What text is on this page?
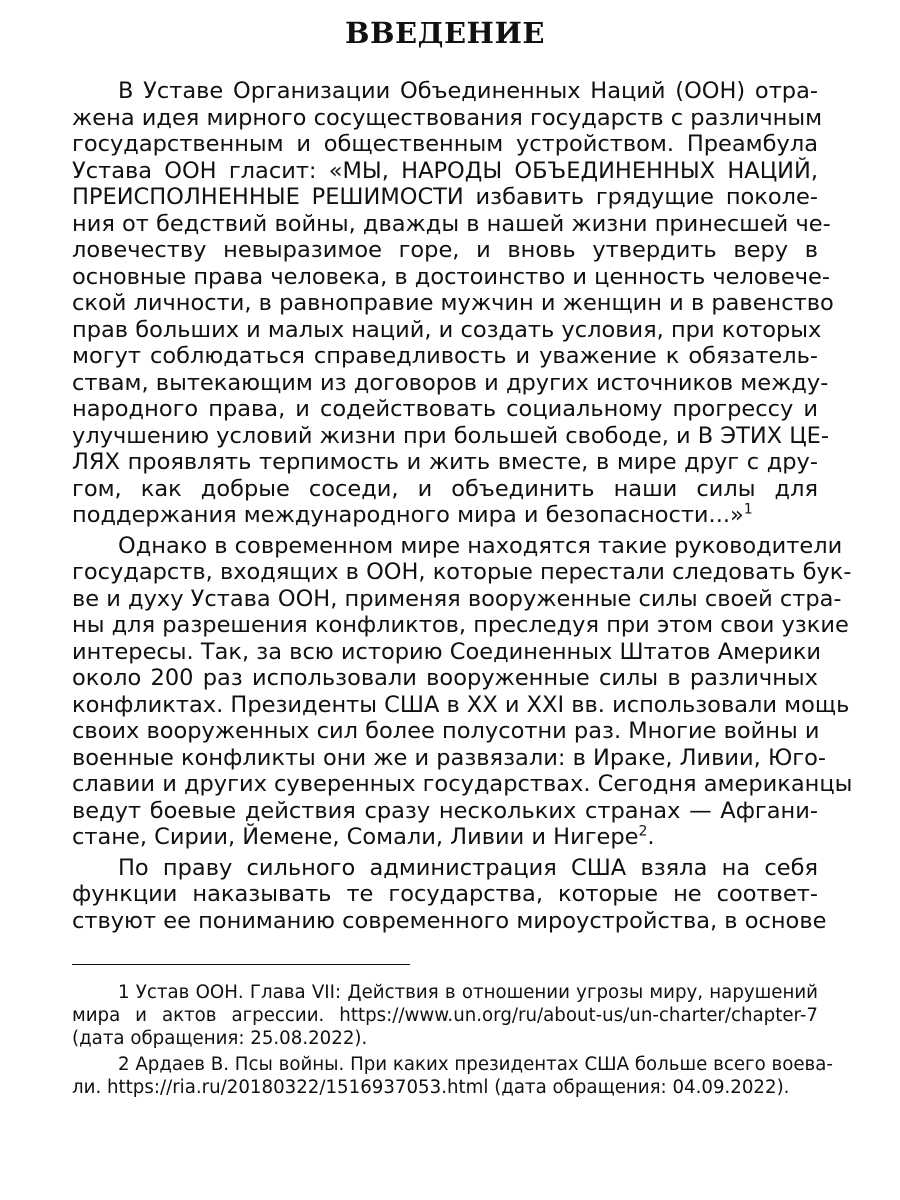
ВВЕДЕНИЕ

В Уставе Организации Объединенных Наций (ООН) отра-
жена идея мирного сосуществования государств с различным
государственным и общественным устройством. Преамбула
Устава ООН гласит: «МЫ, НАРОДЫ ОБЪЕДИНЕННЫХ НАЦИЙ,
ПРЕИСПОЛНЕННЫЕ РЕШИМОСТИ избавить грядущие поколе-
ния от бедствий войны, дважды в нашей жизни принесшей че-
ловечеству невыразимое горе, и вновь утвердить веру в
основные права человека, в достоинство и ценность человече-
ской личности, в равноправие мужчин и женщин и в равенство
прав больших и малых наций, и создать условия, при которых
могут соблюдаться справедливость и уважение к обязатель-
ствам, вытекающим из договоров и других источников между-
народного права, и содействовать социальному прогрессу и
улучшению условий жизни при большей свободе, и В ЭТИХ ЦЕ-
ЛЯХ проявлять терпимость и жить вместе, в мире друг с дру-
гом, как добрые соседи, и объединить наши силы для
поддержания международного мира и безопасности...»$^1$

Однако в современном мире находятся такие руководители
государств, входящих в ООН, которые перестали следовать бук-
ве и духу Устава ООН, применяя вооруженные силы своей стра-
ны для разрешения конфликтов, преследуя при этом свои узкие
интересы. Так, за всю историю Соединенных Штатов Америки
около 200 раз использовали вооруженные силы в различных
конфликтах. Президенты США в XX и XXI вв. использовали мощь
своих вооруженных сил более полусотни раз. Многие войны и
военные конфликты они же и развязали: в Ираке, Ливии, Юго-
славии и других суверенных государствах. Сегодня американцы
ведут боевые действия сразу нескольких странах — Афгани-
стане, Сирии, Йемене, Сомали, Ливии и Нигере$^2$.

По праву сильного администрация США взяла на себя
функции наказывать те государства, которые не соответ-
ствуют ее пониманию современного мироустройства, в основе

1 Устав ООН. Глава VII: Действия в отношении угрозы миру, нарушений
мира и актов агрессии. https://www.un.org/ru/about-us/un-charter/chapter-7
(дата обращения: 25.08.2022).
2 Ардаев В. Псы войны. При каких президентах США больше всего воева-
ли. https://ria.ru/20180322/1516937053.html (дата обращения: 04.09.2022).
